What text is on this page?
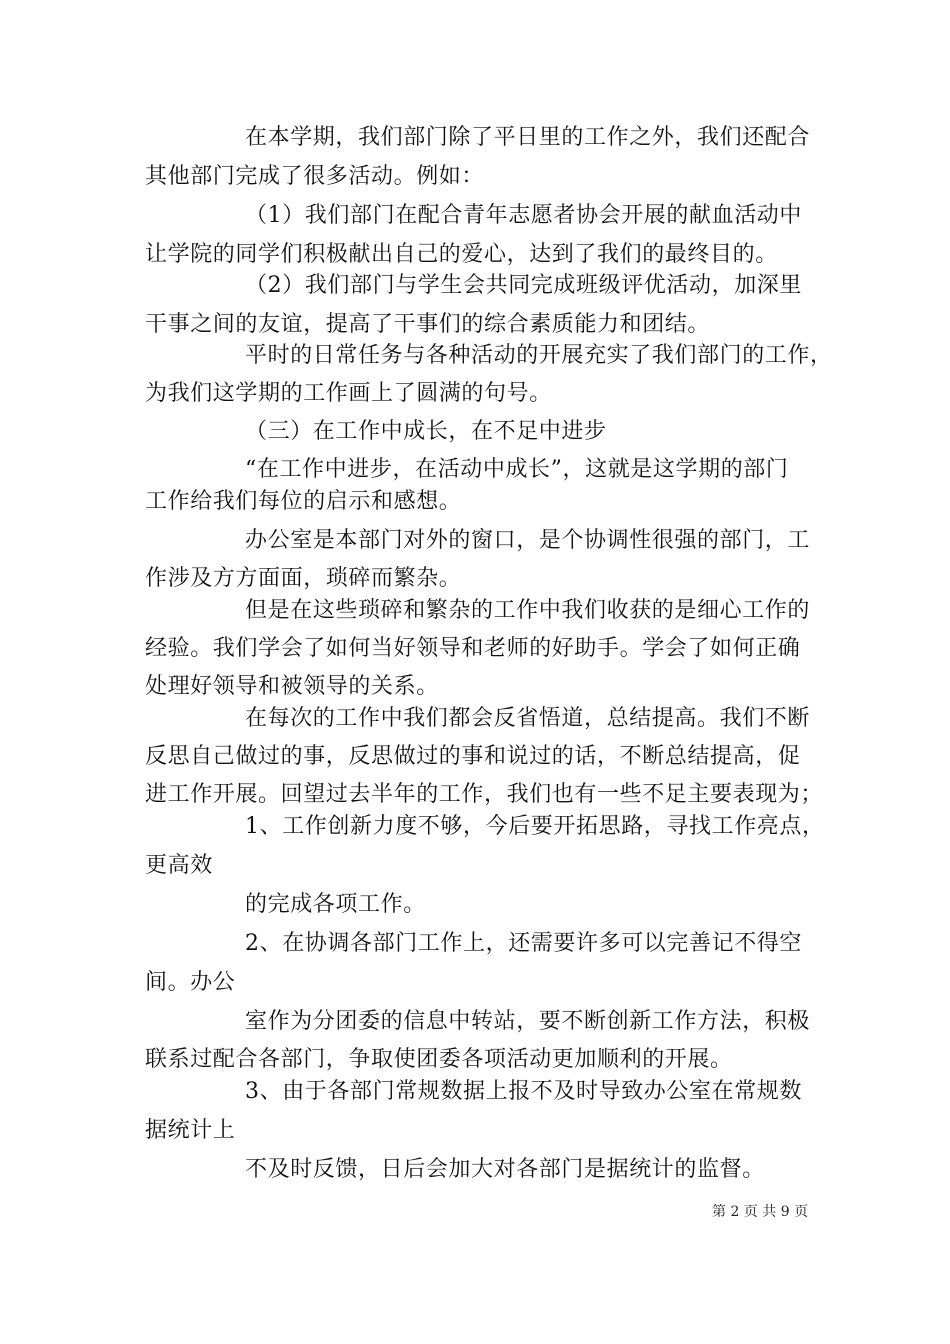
在本学期，我们部门除了平日里的工作之外，我们还配合

其他部门完成了很多活动。例如：

（1）我们部门在配合青年志愿者协会开展的献血活动中

让学院的同学们积极献出自己的爱心，达到了我们的最终目的。

（2）我们部门与学生会共同完成班级评优活动，加深里

干事之间的友谊，提高了干事们的综合素质能力和团结。

平时的日常任务与各种活动的开展充实了我们部门的工作，

为我们这学期的工作画上了圆满的句号。

（三）在工作中成长，在不足中进步

“在工作中进步，在活动中成长”，这就是这学期的部门

工作给我们每位的启示和感想。

办公室是本部门对外的窗口，是个协调性很强的部门，工

作涉及方方面面，琐碎而繁杂。

但是在这些琐碎和繁杂的工作中我们收获的是细心工作的

经验。我们学会了如何当好领导和老师的好助手。学会了如何正确

处理好领导和被领导的关系。

在每次的工作中我们都会反省悟道，总结提高。我们不断

反思自己做过的事，反思做过的事和说过的话，不断总结提高，促

进工作开展。回望过去半年的工作，我们也有一些不足主要表现为；

1、工作创新力度不够，今后要开拓思路，寻找工作亮点，

更高效

的完成各项工作。

2、在协调各部门工作上，还需要许多可以完善记不得空

间。办公

室作为分团委的信息中转站，要不断创新工作方法，积极

联系过配合各部门，争取使团委各项活动更加顺利的开展。

3、由于各部门常规数据上报不及时导致办公室在常规数

据统计上

不及时反馈，日后会加大对各部门是据统计的监督。

第 2 页 共 9 页
